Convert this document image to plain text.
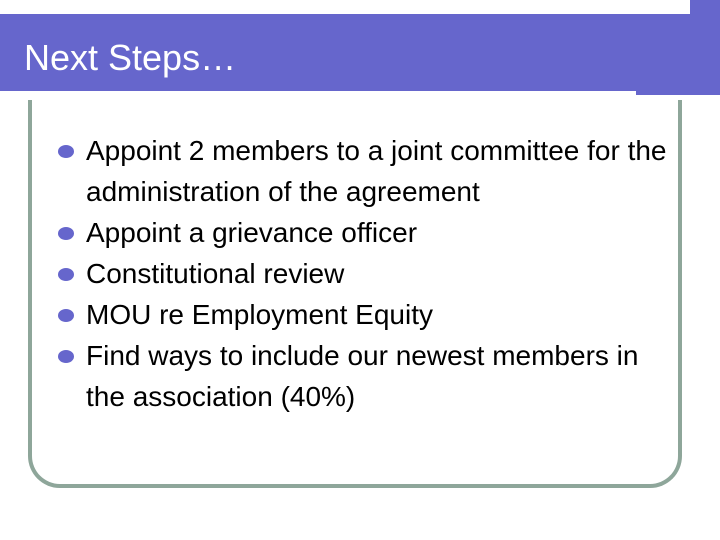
Next Steps…
Appoint 2 members to a joint committee for the administration of the agreement
Appoint a grievance officer
Constitutional review
MOU re Employment Equity
Find ways to include our newest members in the association (40%)
